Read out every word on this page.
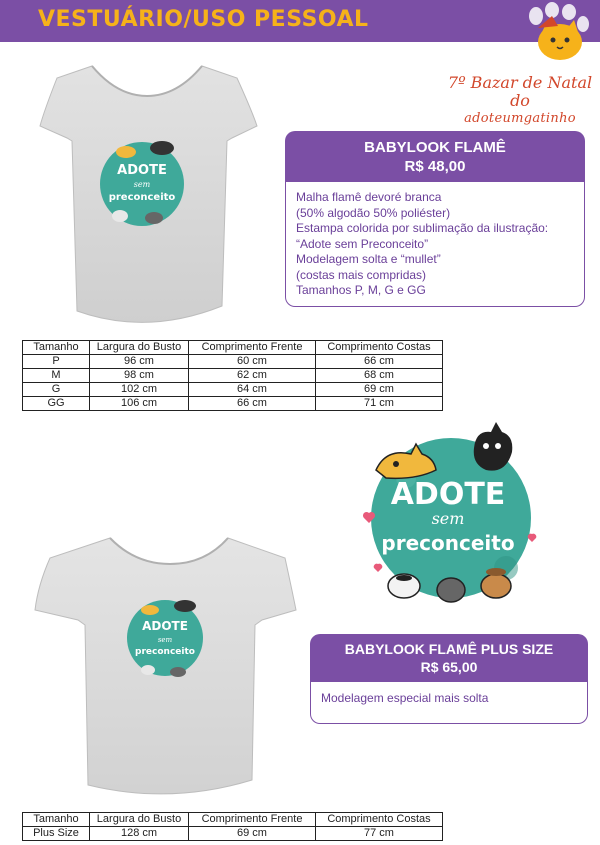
VESTUÁRIO/USO PESSOAL
7º Bazar de Natal do
adoteumgatinho
ADOTE
sem
preconceito
BABYLOOK FLAMÊ
R$ 48,00
Malha flamê devoré branca
(50% algodão 50% poliéster)
Estampa colorida por sublimação da ilustração:
“Adote sem Preconceito”
Modelagem solta e “mullet”
(costas mais compridas)
Tamanhos P, M, G e GG
Tamanho	Largura do Busto	Comprimento Frente	Comprimento Costas
P	96 cm	60 cm	66 cm
M	98 cm	62 cm	68 cm
G	102 cm	64 cm	69 cm
GG	106 cm	66 cm	71 cm
ADOTE
sem
preconceito
ADOTE
sem
preconceito	BABYLOOK FLAMÊ PLUS SIZE
R$ 65,00
Modelagem especial mais solta
Tamanho	Largura do Busto	Comprimento Frente	Comprimento Costas
Plus Size	128 cm	69 cm	77 cm
